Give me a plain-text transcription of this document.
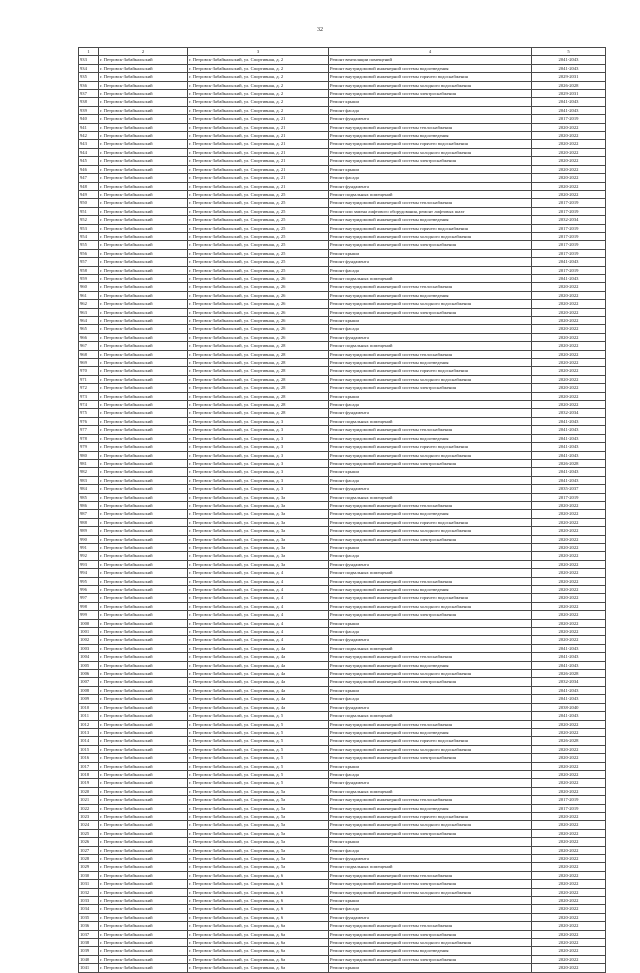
32
1	2	3	4	5
933	г. Петровск-Забайкальский	г. Петровск-Забайкальский, ул. Спортивная, д. 2	Ремонт вентиляции помещений	2041-2043
934	г. Петровск-Забайкальский	г. Петровск-Забайкальский, ул. Спортивная, д. 2	Ремонт внутридомовой инженерной системы водоотведения	2041-2043
935	г. Петровск-Забайкальский	г. Петровск-Забайкальский, ул. Спортивная, д. 2	Ремонт внутридомовой инженерной системы горячего водоснабжения	2029-2031
936	г. Петровск-Забайкальский	г. Петровск-Забайкальский, ул. Спортивная, д. 2	Ремонт внутридомовой инженерной системы холодного водоснабжения	2026-2028
937	г. Петровск-Забайкальский	г. Петровск-Забайкальский, ул. Спортивная, д. 2	Ремонт внутридомовой инженерной системы электроснабжения	2029-2031
938	г. Петровск-Забайкальский	г. Петровск-Забайкальский, ул. Спортивная, д. 2	Ремонт крыши	2041-2043
939	г. Петровск-Забайкальский	г. Петровск-Забайкальский, ул. Спортивная, д. 2	Ремонт фасада	2041-2043
940	г. Петровск-Забайкальский	г. Петровск-Забайкальский, ул. Спортивная, д. 21	Ремонт фундамента	2017-2019
941	г. Петровск-Забайкальский	г. Петровск-Забайкальский, ул. Спортивная, д. 21	Ремонт внутридомовой инженерной системы теплоснабжения	2020-2022
942	г. Петровск-Забайкальский	г. Петровск-Забайкальский, ул. Спортивная, д. 21	Ремонт внутридомовой инженерной системы водоотведения	2020-2022
943	г. Петровск-Забайкальский	г. Петровск-Забайкальский, ул. Спортивная, д. 21	Ремонт внутридомовой инженерной системы горячего водоснабжения	2020-2022
944	г. Петровск-Забайкальский	г. Петровск-Забайкальский, ул. Спортивная, д. 21	Ремонт внутридомовой инженерной системы холодного водоснабжения	2020-2022
945	г. Петровск-Забайкальский	г. Петровск-Забайкальский, ул. Спортивная, д. 21	Ремонт внутридомовой инженерной системы электроснабжения	2020-2022
946	г. Петровск-Забайкальский	г. Петровск-Забайкальский, ул. Спортивная, д. 21	Ремонт крыши	2020-2022
947	г. Петровск-Забайкальский	г. Петровск-Забайкальский, ул. Спортивная, д. 21	Ремонт фасада	2020-2022
948	г. Петровск-Забайкальский	г. Петровск-Забайкальский, ул. Спортивная, д. 21	Ремонт фундамента	2020-2022
949	г. Петровск-Забайкальский	г. Петровск-Забайкальский, ул. Спортивная, д. 25	Ремонт подвальных помещений	2020-2022
950	г. Петровск-Забайкальский	г. Петровск-Забайкальский, ул. Спортивная, д. 25	Ремонт внутридомовой инженерной системы теплоснабжения	2017-2019
951	г. Петровск-Забайкальский	г. Петровск-Забайкальский, ул. Спортивная, д. 25	Ремонт или замена лифтового оборудования, ремонт лифтовых шахт	2017-2019
952	г. Петровск-Забайкальский	г. Петровск-Забайкальский, ул. Спортивная, д. 25	Ремонт внутридомовой инженерной системы водоотведения	2032-2034
953	г. Петровск-Забайкальский	г. Петровск-Забайкальский, ул. Спортивная, д. 25	Ремонт внутридомовой инженерной системы горячего водоснабжения	2017-2019
954	г. Петровск-Забайкальский	г. Петровск-Забайкальский, ул. Спортивная, д. 25	Ремонт внутридомовой инженерной системы холодного водоснабжения	2017-2019
955	г. Петровск-Забайкальский	г. Петровск-Забайкальский, ул. Спортивная, д. 25	Ремонт внутридомовой инженерной системы электроснабжения	2017-2019
956	г. Петровск-Забайкальский	г. Петровск-Забайкальский, ул. Спортивная, д. 25	Ремонт крыши	2017-2019
957	г. Петровск-Забайкальский	г. Петровск-Забайкальский, ул. Спортивная, д. 25	Ремонт фундамента	2041-2043
958	г. Петровск-Забайкальский	г. Петровск-Забайкальский, ул. Спортивная, д. 25	Ремонт фасада	2017-2019
959	г. Петровск-Забайкальский	г. Петровск-Забайкальский, ул. Спортивная, д. 26	Ремонт подвальных помещений	2041-2043
960	г. Петровск-Забайкальский	г. Петровск-Забайкальский, ул. Спортивная, д. 26	Ремонт внутридомовой инженерной системы теплоснабжения	2020-2022
961	г. Петровск-Забайкальский	г. Петровск-Забайкальский, ул. Спортивная, д. 26	Ремонт внутридомовой инженерной системы водоотведения	2020-2022
962	г. Петровск-Забайкальский	г. Петровск-Забайкальский, ул. Спортивная, д. 26	Ремонт внутридомовой инженерной системы холодного водоснабжения	2020-2022
963	г. Петровск-Забайкальский	г. Петровск-Забайкальский, ул. Спортивная, д. 26	Ремонт внутридомовой инженерной системы электроснабжения	2020-2022
964	г. Петровск-Забайкальский	г. Петровск-Забайкальский, ул. Спортивная, д. 26	Ремонт крыши	2020-2022
965	г. Петровск-Забайкальский	г. Петровск-Забайкальский, ул. Спортивная, д. 26	Ремонт фасада	2020-2022
966	г. Петровск-Забайкальский	г. Петровск-Забайкальский, ул. Спортивная, д. 26	Ремонт фундамента	2020-2022
967	г. Петровск-Забайкальский	г. Петровск-Забайкальский, ул. Спортивная, д. 28	Ремонт подвальных помещений	2020-2022
968	г. Петровск-Забайкальский	г. Петровск-Забайкальский, ул. Спортивная, д. 28	Ремонт внутридомовой инженерной системы теплоснабжения	2020-2022
969	г. Петровск-Забайкальский	г. Петровск-Забайкальский, ул. Спортивная, д. 28	Ремонт внутридомовой инженерной системы водоотведения	2020-2022
970	г. Петровск-Забайкальский	г. Петровск-Забайкальский, ул. Спортивная, д. 28	Ремонт внутридомовой инженерной системы горячего водоснабжения	2020-2022
971	г. Петровск-Забайкальский	г. Петровск-Забайкальский, ул. Спортивная, д. 28	Ремонт внутридомовой инженерной системы холодного водоснабжения	2020-2022
972	г. Петровск-Забайкальский	г. Петровск-Забайкальский, ул. Спортивная, д. 28	Ремонт внутридомовой инженерной системы электроснабжения	2020-2022
973	г. Петровск-Забайкальский	г. Петровск-Забайкальский, ул. Спортивная, д. 28	Ремонт крыши	2020-2022
974	г. Петровск-Забайкальский	г. Петровск-Забайкальский, ул. Спортивная, д. 28	Ремонт фасада	2020-2022
975	г. Петровск-Забайкальский	г. Петровск-Забайкальский, ул. Спортивная, д. 28	Ремонт фундамента	2032-2034
976	г. Петровск-Забайкальский	г. Петровск-Забайкальский, ул. Спортивная, д. 3	Ремонт подвальных помещений	2041-2043
977	г. Петровск-Забайкальский	г. Петровск-Забайкальский, ул. Спортивная, д. 3	Ремонт внутридомовой инженерной системы теплоснабжения	2041-2043
978	г. Петровск-Забайкальский	г. Петровск-Забайкальский, ул. Спортивная, д. 3	Ремонт внутридомовой инженерной системы водоотведения	2041-2043
979	г. Петровск-Забайкальский	г. Петровск-Забайкальский, ул. Спортивная, д. 3	Ремонт внутридомовой инженерной системы горячего водоснабжения	2041-2043
980	г. Петровск-Забайкальский	г. Петровск-Забайкальский, ул. Спортивная, д. 3	Ремонт внутридомовой инженерной системы холодного водоснабжения	2041-2043
981	г. Петровск-Забайкальский	г. Петровск-Забайкальский, ул. Спортивная, д. 3	Ремонт внутридомовой инженерной системы электроснабжения	2026-2028
982	г. Петровск-Забайкальский	г. Петровск-Забайкальский, ул. Спортивная, д. 3	Ремонт крыши	2041-2043
983	г. Петровск-Забайкальский	г. Петровск-Забайкальский, ул. Спортивная, д. 3	Ремонт фасада	2041-2043
984	г. Петровск-Забайкальский	г. Петровск-Забайкальский, ул. Спортивная, д. 3	Ремонт фундамента	2035-2037
985	г. Петровск-Забайкальский	г. Петровск-Забайкальский, ул. Спортивная, д. 3а	Ремонт подвальных помещений	2017-2019
986	г. Петровск-Забайкальский	г. Петровск-Забайкальский, ул. Спортивная, д. 3а	Ремонт внутридомовой инженерной системы теплоснабжения	2020-2022
987	г. Петровск-Забайкальский	г. Петровск-Забайкальский, ул. Спортивная, д. 3а	Ремонт внутридомовой инженерной системы водоотведения	2020-2022
988	г. Петровск-Забайкальский	г. Петровск-Забайкальский, ул. Спортивная, д. 3а	Ремонт внутридомовой инженерной системы горячего водоснабжения	2020-2022
989	г. Петровск-Забайкальский	г. Петровск-Забайкальский, ул. Спортивная, д. 3а	Ремонт внутридомовой инженерной системы холодного водоснабжения	2020-2022
990	г. Петровск-Забайкальский	г. Петровск-Забайкальский, ул. Спортивная, д. 3а	Ремонт внутридомовой инженерной системы электроснабжения	2020-2022
991	г. Петровск-Забайкальский	г. Петровск-Забайкальский, ул. Спортивная, д. 3а	Ремонт крыши	2020-2022
992	г. Петровск-Забайкальский	г. Петровск-Забайкальский, ул. Спортивная, д. 3а	Ремонт фасада	2020-2022
993	г. Петровск-Забайкальский	г. Петровск-Забайкальский, ул. Спортивная, д. 3а	Ремонт фундамента	2020-2022
994	г. Петровск-Забайкальский	г. Петровск-Забайкальский, ул. Спортивная, д. 4	Ремонт подвальных помещений	2020-2022
995	г. Петровск-Забайкальский	г. Петровск-Забайкальский, ул. Спортивная, д. 4	Ремонт внутридомовой инженерной системы теплоснабжения	2020-2022
996	г. Петровск-Забайкальский	г. Петровск-Забайкальский, ул. Спортивная, д. 4	Ремонт внутридомовой инженерной системы водоотведения	2020-2022
997	г. Петровск-Забайкальский	г. Петровск-Забайкальский, ул. Спортивная, д. 4	Ремонт внутридомовой инженерной системы горячего водоснабжения	2020-2022
998	г. Петровск-Забайкальский	г. Петровск-Забайкальский, ул. Спортивная, д. 4	Ремонт внутридомовой инженерной системы холодного водоснабжения	2020-2022
999	г. Петровск-Забайкальский	г. Петровск-Забайкальский, ул. Спортивная, д. 4	Ремонт внутридомовой инженерной системы электроснабжения	2020-2022
1000	г. Петровск-Забайкальский	г. Петровск-Забайкальский, ул. Спортивная, д. 4	Ремонт крыши	2020-2022
1001	г. Петровск-Забайкальский	г. Петровск-Забайкальский, ул. Спортивная, д. 4	Ремонт фасада	2020-2022
1002	г. Петровск-Забайкальский	г. Петровск-Забайкальский, ул. Спортивная, д. 4	Ремонт фундамента	2020-2022
1003	г. Петровск-Забайкальский	г. Петровск-Забайкальский, ул. Спортивная, д. 4а	Ремонт подвальных помещений	2041-2043
1004	г. Петровск-Забайкальский	г. Петровск-Забайкальский, ул. Спортивная, д. 4а	Ремонт внутридомовой инженерной системы теплоснабжения	2041-2043
1005	г. Петровск-Забайкальский	г. Петровск-Забайкальский, ул. Спортивная, д. 4а	Ремонт внутридомовой инженерной системы водоотведения	2041-2043
1006	г. Петровск-Забайкальский	г. Петровск-Забайкальский, ул. Спортивная, д. 4а	Ремонт внутридомовой инженерной системы холодного водоснабжения	2026-2028
1007	г. Петровск-Забайкальский	г. Петровск-Забайкальский, ул. Спортивная, д. 4а	Ремонт внутридомовой инженерной системы электроснабжения	2032-2034
1008	г. Петровск-Забайкальский	г. Петровск-Забайкальский, ул. Спортивная, д. 4а	Ремонт крыши	2041-2043
1009	г. Петровск-Забайкальский	г. Петровск-Забайкальский, ул. Спортивная, д. 4а	Ремонт фасада	2041-2043
1010	г. Петровск-Забайкальский	г. Петровск-Забайкальский, ул. Спортивная, д. 4а	Ремонт фундамента	2038-2040
1011	г. Петровск-Забайкальский	г. Петровск-Забайкальский, ул. Спортивная, д. 5	Ремонт подвальных помещений	2041-2043
1012	г. Петровск-Забайкальский	г. Петровск-Забайкальский, ул. Спортивная, д. 5	Ремонт внутридомовой инженерной системы теплоснабжения	2020-2022
1013	г. Петровск-Забайкальский	г. Петровск-Забайкальский, ул. Спортивная, д. 5	Ремонт внутридомовой инженерной системы водоотведения	2020-2022
1014	г. Петровск-Забайкальский	г. Петровск-Забайкальский, ул. Спортивная, д. 5	Ремонт внутридомовой инженерной системы горячего водоснабжения	2026-2028
1015	г. Петровск-Забайкальский	г. Петровск-Забайкальский, ул. Спортивная, д. 5	Ремонт внутридомовой инженерной системы холодного водоснабжения	2020-2022
1016	г. Петровск-Забайкальский	г. Петровск-Забайкальский, ул. Спортивная, д. 5	Ремонт внутридомовой инженерной системы электроснабжения	2020-2022
1017	г. Петровск-Забайкальский	г. Петровск-Забайкальский, ул. Спортивная, д. 5	Ремонт крыши	2020-2022
1018	г. Петровск-Забайкальский	г. Петровск-Забайкальский, ул. Спортивная, д. 5	Ремонт фасада	2020-2022
1019	г. Петровск-Забайкальский	г. Петровск-Забайкальский, ул. Спортивная, д. 5	Ремонт фундамента	2020-2022
1020	г. Петровск-Забайкальский	г. Петровск-Забайкальский, ул. Спортивная, д. 5а	Ремонт подвальных помещений	2020-2022
1021	г. Петровск-Забайкальский	г. Петровск-Забайкальский, ул. Спортивная, д. 5а	Ремонт внутридомовой инженерной системы теплоснабжения	2017-2019
1022	г. Петровск-Забайкальский	г. Петровск-Забайкальский, ул. Спортивная, д. 5а	Ремонт внутридомовой инженерной системы водоотведения	2017-2019
1023	г. Петровск-Забайкальский	г. Петровск-Забайкальский, ул. Спортивная, д. 5а	Ремонт внутридомовой инженерной системы горячего водоснабжения	2020-2022
1024	г. Петровск-Забайкальский	г. Петровск-Забайкальский, ул. Спортивная, д. 5а	Ремонт внутридомовой инженерной системы холодного водоснабжения	2020-2022
1025	г. Петровск-Забайкальский	г. Петровск-Забайкальский, ул. Спортивная, д. 5а	Ремонт внутридомовой инженерной системы электроснабжения	2020-2022
1026	г. Петровск-Забайкальский	г. Петровск-Забайкальский, ул. Спортивная, д. 5а	Ремонт крыши	2020-2022
1027	г. Петровск-Забайкальский	г. Петровск-Забайкальский, ул. Спортивная, д. 5а	Ремонт фасада	2020-2022
1028	г. Петровск-Забайкальский	г. Петровск-Забайкальский, ул. Спортивная, д. 5а	Ремонт фундамента	2020-2022
1029	г. Петровск-Забайкальский	г. Петровск-Забайкальский, ул. Спортивная, д. 5а	Ремонт подвальных помещений	2020-2022
1030	г. Петровск-Забайкальский	г. Петровск-Забайкальский, ул. Спортивная, д. 6	Ремонт внутридомовой инженерной системы теплоснабжения	2020-2022
1031	г. Петровск-Забайкальский	г. Петровск-Забайкальский, ул. Спортивная, д. 6	Ремонт внутридомовой инженерной системы электроснабжения	2020-2022
1032	г. Петровск-Забайкальский	г. Петровск-Забайкальский, ул. Спортивная, д. 6	Ремонт внутридомовой инженерной системы холодного водоснабжения	2020-2022
1033	г. Петровск-Забайкальский	г. Петровск-Забайкальский, ул. Спортивная, д. 6	Ремонт крыши	2020-2022
1034	г. Петровск-Забайкальский	г. Петровск-Забайкальский, ул. Спортивная, д. 6	Ремонт фасада	2020-2022
1035	г. Петровск-Забайкальский	г. Петровск-Забайкальский, ул. Спортивная, д. 6	Ремонт фундамента	2020-2022
1036	г. Петровск-Забайкальский	г. Петровск-Забайкальский, ул. Спортивная, д. 6а	Ремонт внутридомовой инженерной системы теплоснабжения	2020-2022
1037	г. Петровск-Забайкальский	г. Петровск-Забайкальский, ул. Спортивная, д. 6а	Ремонт внутридомовой инженерной системы электроснабжения	2020-2022
1038	г. Петровск-Забайкальский	г. Петровск-Забайкальский, ул. Спортивная, д. 6а	Ремонт внутридомовой инженерной системы холодного водоснабжения	2020-2022
1039	г. Петровск-Забайкальский	г. Петровск-Забайкальский, ул. Спортивная, д. 6а	Ремонт внутридомовой инженерной системы водоотведения	2020-2022
1040	г. Петровск-Забайкальский	г. Петровск-Забайкальский, ул. Спортивная, д. 6а	Ремонт внутридомовой инженерной системы электроснабжения	2020-2022
1041	г. Петровск-Забайкальский	г. Петровск-Забайкальский, ул. Спортивная, д. 6а	Ремонт крыши	2020-2022
